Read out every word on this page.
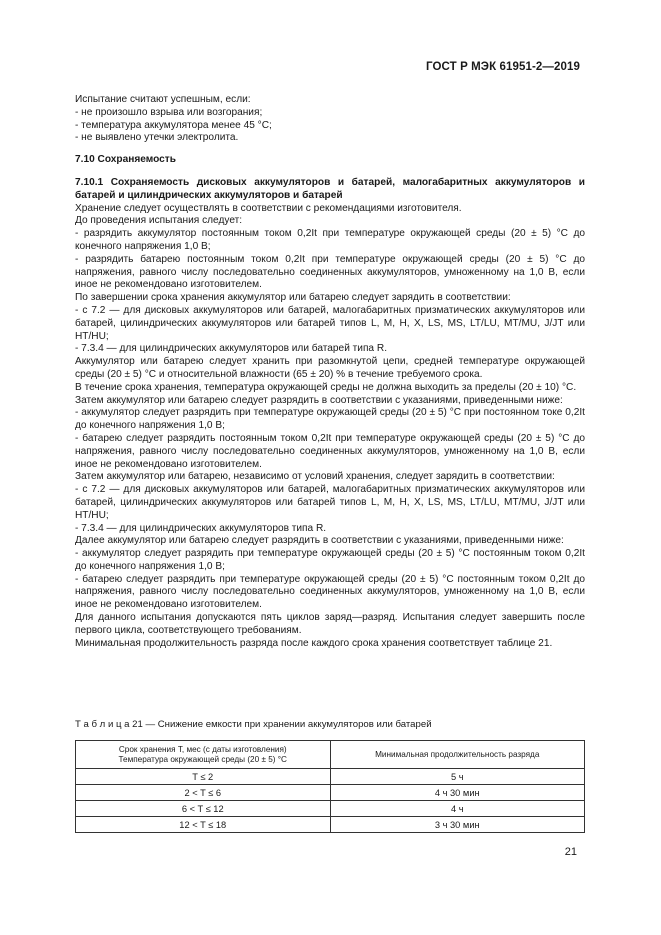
ГОСТ Р МЭК 61951-2—2019

Испытание считают успешным, если:

- не произошло взрыва или возгорания;

- температура аккумулятора менее 45 °С;

- не выявлено утечки электролита.

7.10 Сохраняемость

7.10.1 Сохраняемость дисковых аккумуляторов и батарей, малогабаритных аккумуляторов и батарей и цилиндрических аккумуляторов и батарей

Хранение следует осуществлять в соответствии с рекомендациями изготовителя.

До проведения испытания следует:

- разрядить аккумулятор постоянным током 0,2It при температуре окружающей среды (20 ± 5) °С до конечного напряжения 1,0 В;

- разрядить батарею постоянным током 0,2It при температуре окружающей среды (20 ± 5) °С до напряжения, равного числу последовательно соединенных аккумуляторов, умноженному на 1,0 В, если иное не рекомендовано изготовителем.

По завершении срока хранения аккумулятор или батарею следует зарядить в соответствии:

- с 7.2 — для дисковых аккумуляторов или батарей, малогабаритных призматических аккумуляторов или батарей, цилиндрических аккумуляторов или батарей типов L, M, H, X, LS, MS, LT/LU, MT/MU, J/JT или HT/HU;

- 7.3.4 — для цилиндрических аккумуляторов или батарей типа R.

Аккумулятор или батарею следует хранить при разомкнутой цепи, средней температуре окружающей среды (20 ± 5) °С и относительной влажности (65 ± 20) % в течение требуемого срока.

В течение срока хранения, температура окружающей среды не должна выходить за пределы (20 ± 10) °С.

Затем аккумулятор или батарею следует разрядить в соответствии с указаниями, приведенными ниже:

- аккумулятор следует разрядить при температуре окружающей среды (20 ± 5) °С при постоянном токе 0,2It до конечного напряжения 1,0 В;

- батарею следует разрядить постоянным током 0,2It при температуре окружающей среды (20 ± 5) °С до напряжения, равного числу последовательно соединенных аккумуляторов, умноженному на 1,0 В, если иное не рекомендовано изготовителем.

Затем аккумулятор или батарею, независимо от условий хранения, следует зарядить в соответствии:

- с 7.2 — для дисковых аккумуляторов или батарей, малогабаритных призматических аккумуляторов или батарей, цилиндрических аккумуляторов или батарей типов L, M, H, X, LS, MS, LT/LU, MT/MU, J/JT или HT/HU;

- 7.3.4 — для цилиндрических аккумуляторов типа R.

Далее аккумулятор или батарею следует разрядить в соответствии с указаниями, приведенными ниже:

- аккумулятор следует разрядить при температуре окружающей среды (20 ± 5) °С постоянным током 0,2It до конечного напряжения 1,0 В;

- батарею следует разрядить при температуре окружающей среды (20 ± 5) °С постоянным током 0,2It до напряжения, равного числу последовательно соединенных аккумуляторов, умноженному на 1,0 В, если иное не рекомендовано изготовителем.

Для данного испытания допускаются пять циклов заряд—разряд. Испытания следует завершить после первого цикла, соответствующего требованиям.

Минимальная продолжительность разряда после каждого срока хранения соответствует таблице 21.

Т а б л и ц а 21 — Снижение емкости при хранении аккумуляторов или батарей
Срок хранения T, мес (с даты изготовления)
Температура окружающей среды (20 ± 5) °С	Минимальная продолжительность разряда
T ≤ 2	5 ч
2 < T ≤ 6	4 ч 30 мин
6 < T ≤ 12	4 ч
12 < T ≤ 18	3 ч 30 мин
21
